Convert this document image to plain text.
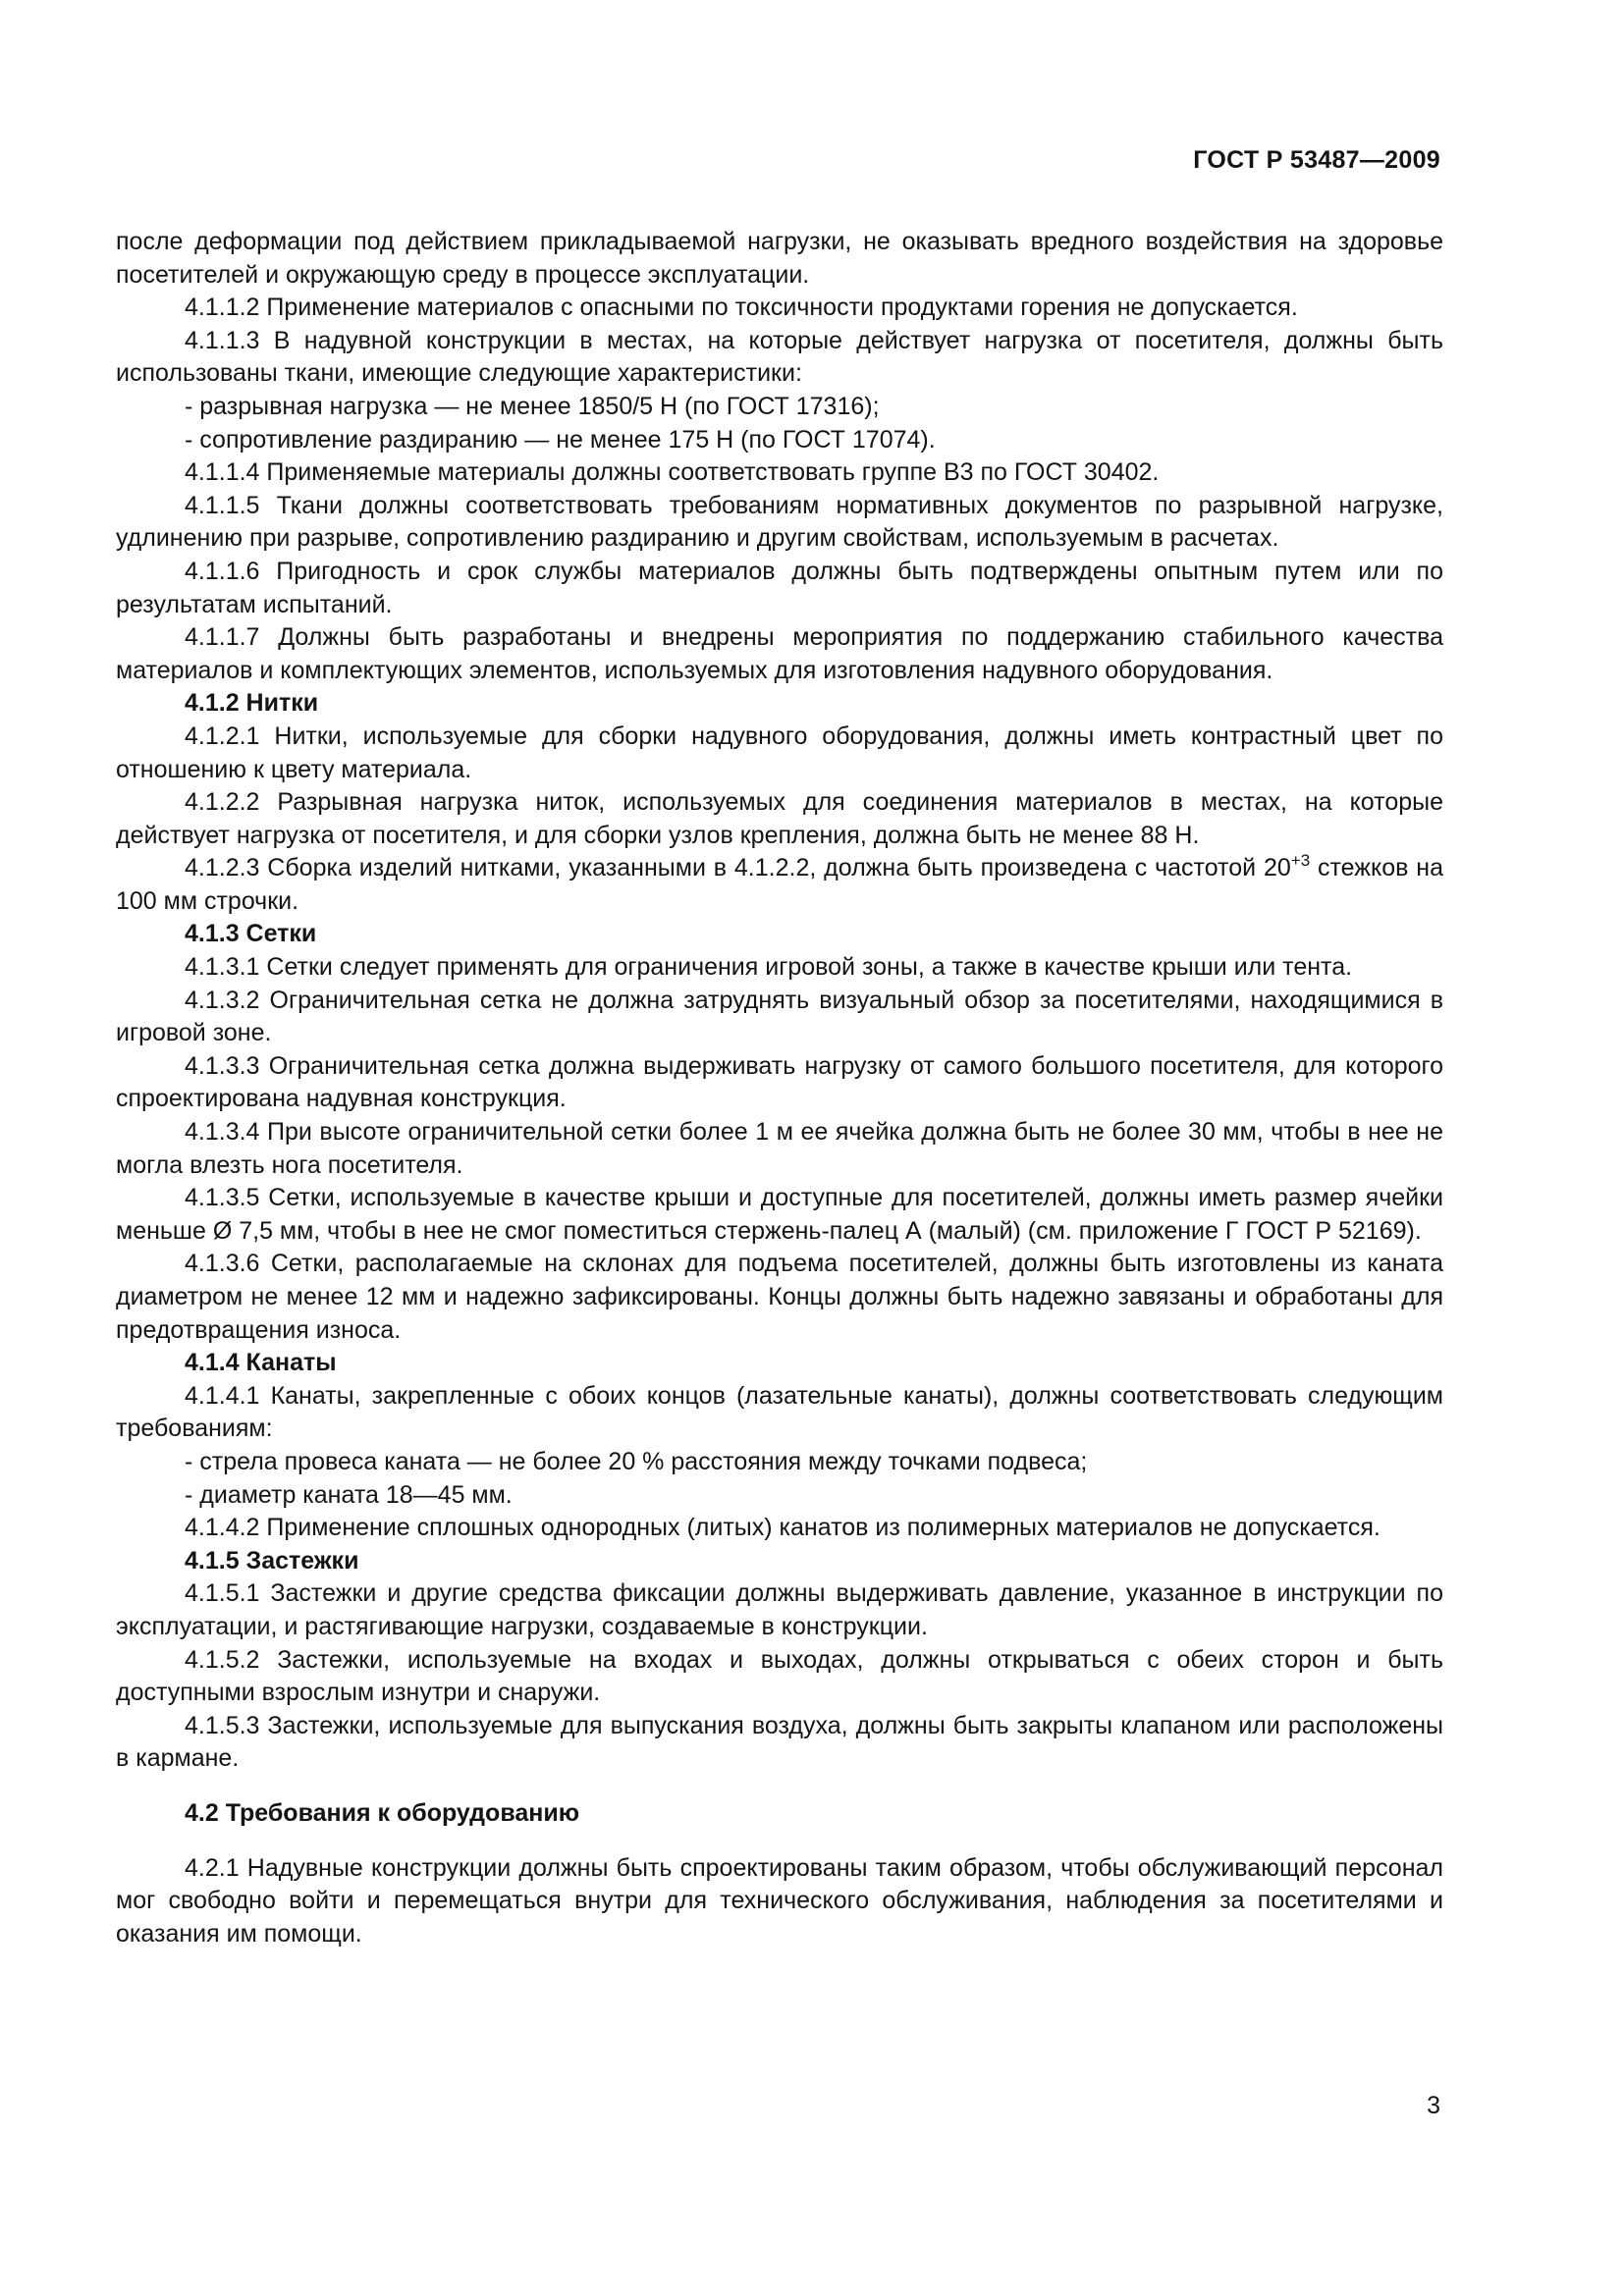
ГОСТ Р 53487—2009

после деформации под действием прикладываемой нагрузки, не оказывать вредного воздействия на здоровье посетителей и окружающую среду в процессе эксплуатации.

4.1.1.2 Применение материалов с опасными по токсичности продуктами горения не допускается.

4.1.1.3 В надувной конструкции в местах, на которые действует нагрузка от посетителя, должны быть использованы ткани, имеющие следующие характеристики:

- разрывная нагрузка — не менее 1850/5 Н (по ГОСТ 17316);

- сопротивление раздиранию — не менее 175 Н (по ГОСТ 17074).

4.1.1.4 Применяемые материалы должны соответствовать группе В3 по ГОСТ 30402.

4.1.1.5 Ткани должны соответствовать требованиям нормативных документов по разрывной нагрузке, удлинению при разрыве, сопротивлению раздиранию и другим свойствам, используемым в расчетах.

4.1.1.6 Пригодность и срок службы материалов должны быть подтверждены опытным путем или по результатам испытаний.

4.1.1.7 Должны быть разработаны и внедрены мероприятия по поддержанию стабильного качества материалов и комплектующих элементов, используемых для изготовления надувного оборудования.

4.1.2 Нитки

4.1.2.1 Нитки, используемые для сборки надувного оборудования, должны иметь контрастный цвет по отношению к цвету материала.

4.1.2.2 Разрывная нагрузка ниток, используемых для соединения материалов в местах, на которые действует нагрузка от посетителя, и для сборки узлов крепления, должна быть не менее 88 Н.

4.1.2.3 Сборка изделий нитками, указанными в 4.1.2.2, должна быть произведена с частотой $20^{+3}$ стежков на 100 мм строчки.

4.1.3 Сетки

4.1.3.1 Сетки следует применять для ограничения игровой зоны, а также в качестве крыши или тента.

4.1.3.2 Ограничительная сетка не должна затруднять визуальный обзор за посетителями, находящимися в игровой зоне.

4.1.3.3 Ограничительная сетка должна выдерживать нагрузку от самого большого посетителя, для которого спроектирована надувная конструкция.

4.1.3.4 При высоте ограничительной сетки более 1 м ее ячейка должна быть не более 30 мм, чтобы в нее не могла влезть нога посетителя.

4.1.3.5 Сетки, используемые в качестве крыши и доступные для посетителей, должны иметь размер ячейки меньше Ø 7,5 мм, чтобы в нее не смог поместиться стержень-палец А (малый) (см. приложение Г ГОСТ Р 52169).

4.1.3.6 Сетки, располагаемые на склонах для подъема посетителей, должны быть изготовлены из каната диаметром не менее 12 мм и надежно зафиксированы. Концы должны быть надежно завязаны и обработаны для предотвращения износа.

4.1.4 Канаты

4.1.4.1 Канаты, закрепленные с обоих концов (лазательные канаты), должны соответствовать следующим требованиям:

- стрела провеса каната — не более 20 % расстояния между точками подвеса;

- диаметр каната 18—45 мм.

4.1.4.2 Применение сплошных однородных (литых) канатов из полимерных материалов не допускается.

4.1.5 Застежки

4.1.5.1 Застежки и другие средства фиксации должны выдерживать давление, указанное в инструкции по эксплуатации, и растягивающие нагрузки, создаваемые в конструкции.

4.1.5.2 Застежки, используемые на входах и выходах, должны открываться с обеих сторон и быть доступными взрослым изнутри и снаружи.

4.1.5.3 Застежки, используемые для выпускания воздуха, должны быть закрыты клапаном или расположены в кармане.

4.2 Требования к оборудованию

4.2.1 Надувные конструкции должны быть спроектированы таким образом, чтобы обслуживающий персонал мог свободно войти и перемещаться внутри для технического обслуживания, наблюдения за посетителями и оказания им помощи.

3
